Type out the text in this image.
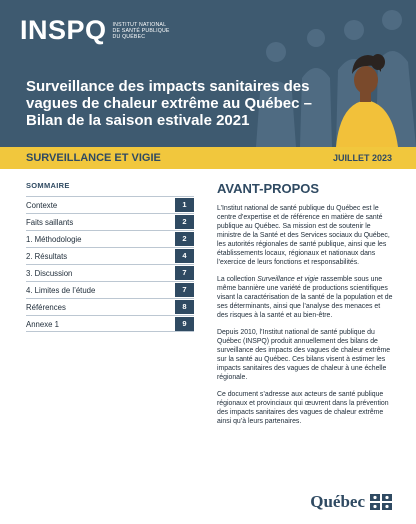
INSPQ INSTITUT NATIONAL
DE SANTÉ PUBLIQUE
DU QUÉBEC
Surveillance des impacts sanitaires des vagues de chaleur extrême au Québec – Bilan de la saison estivale 2021
SURVEILLANCE ET VIGIE	JUILLET 2023
SOMMAIRE
Contexte	1
Faits saillants	2
1. Méthodologie	2
2. Résultats	4
3. Discussion	7
4. Limites de l’étude	7
Références	8
Annexe 1	9
AVANT-PROPOS

L’Institut national de santé publique du Québec est le centre d’expertise et de référence en matière de santé publique au Québec. Sa mission est de soutenir le ministre de la Santé et des Services sociaux du Québec, les autorités régionales de santé publique, ainsi que les établissements locaux, régionaux et nationaux dans l’exercice de leurs fonctions et responsabilités.

La collection Surveillance et vigie rassemble sous une même bannière une variété de productions scientifiques visant la caractérisation de la santé de la population et de ses déterminants, ainsi que l’analyse des menaces et des risques à la santé et au bien-être.

Depuis 2010, l’Institut national de santé publique du Québec (INSPQ) produit annuellement des bilans de surveillance des impacts des vagues de chaleur extrême sur la santé au Québec. Ces bilans visent à estimer les impacts sanitaires des vagues de chaleur à une échelle régionale.

Ce document s’adresse aux acteurs de santé publique régionaux et provinciaux qui œuvrent dans la prévention des impacts sanitaires des vagues de chaleur extrême ainsi qu’à leurs partenaires.

Québec
